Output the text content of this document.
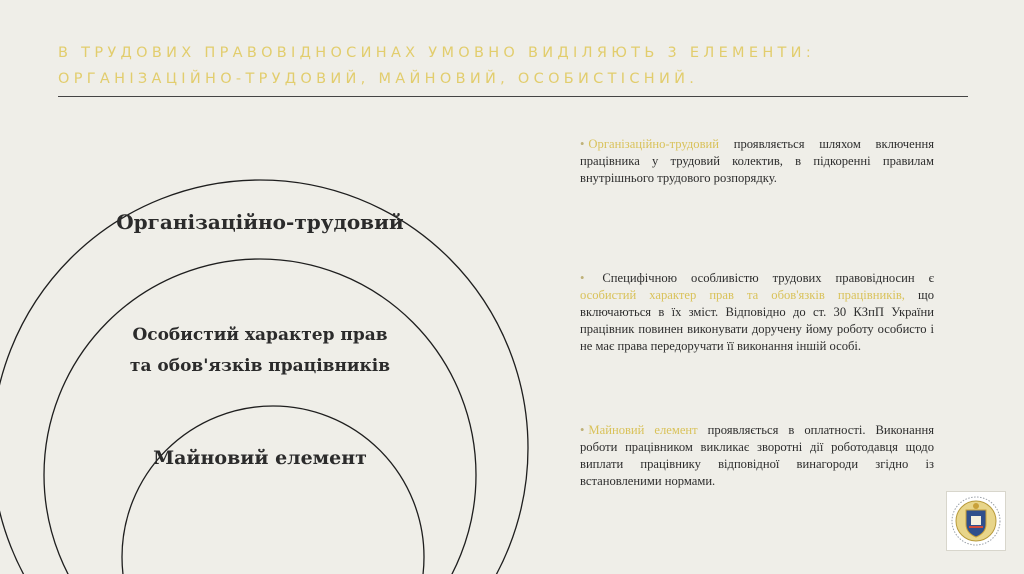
В ТРУДОВИХ ПРАВОВІДНОСИНАХ УМОВНО ВИДІЛЯЮТЬ 3 ЕЛЕМЕНТИ:
ОРГАНІЗАЦІЙНО-ТРУДОВИЙ, МАЙНОВИЙ, ОСОБИСТІСНИЙ.
Організаційно-трудовий
Особистий характер прав
та обов'язків працівників
Майновий елемент

• Організаційно-трудовий проявляється шляхом включення працівника у трудовий колектив, в підкоренні правилам внутрішнього трудового розпорядку.

• Специфічною особливістю трудових правовідносин є особистий характер прав та обов'язків працівників, що включаються в їх зміст. Відповідно до ст. 30 КЗпП України працівник повинен виконувати доручену йому роботу особисто і не має права передоручати її виконання іншій особі.

• Майновий елемент проявляється в оплатності. Виконання роботи працівником викликає зворотні дії роботодавця щодо виплати працівнику відповідної винагороди згідно із встановленими нормами.
